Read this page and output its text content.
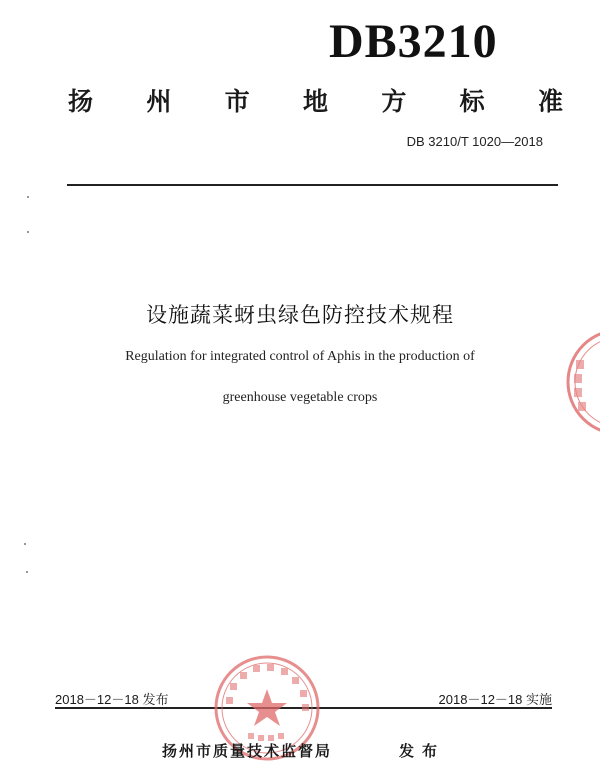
DB3210
扬 州 市 地 方 标 准
DB 3210/T 1020—2018
设施蔬菜蚜虫绿色防控技术规程
Regulation for integrated control of Aphis in the production of
greenhouse vegetable crops
2018－12－18 发布	2018－12－18 实施
扬州市质量技术监督局	发布
